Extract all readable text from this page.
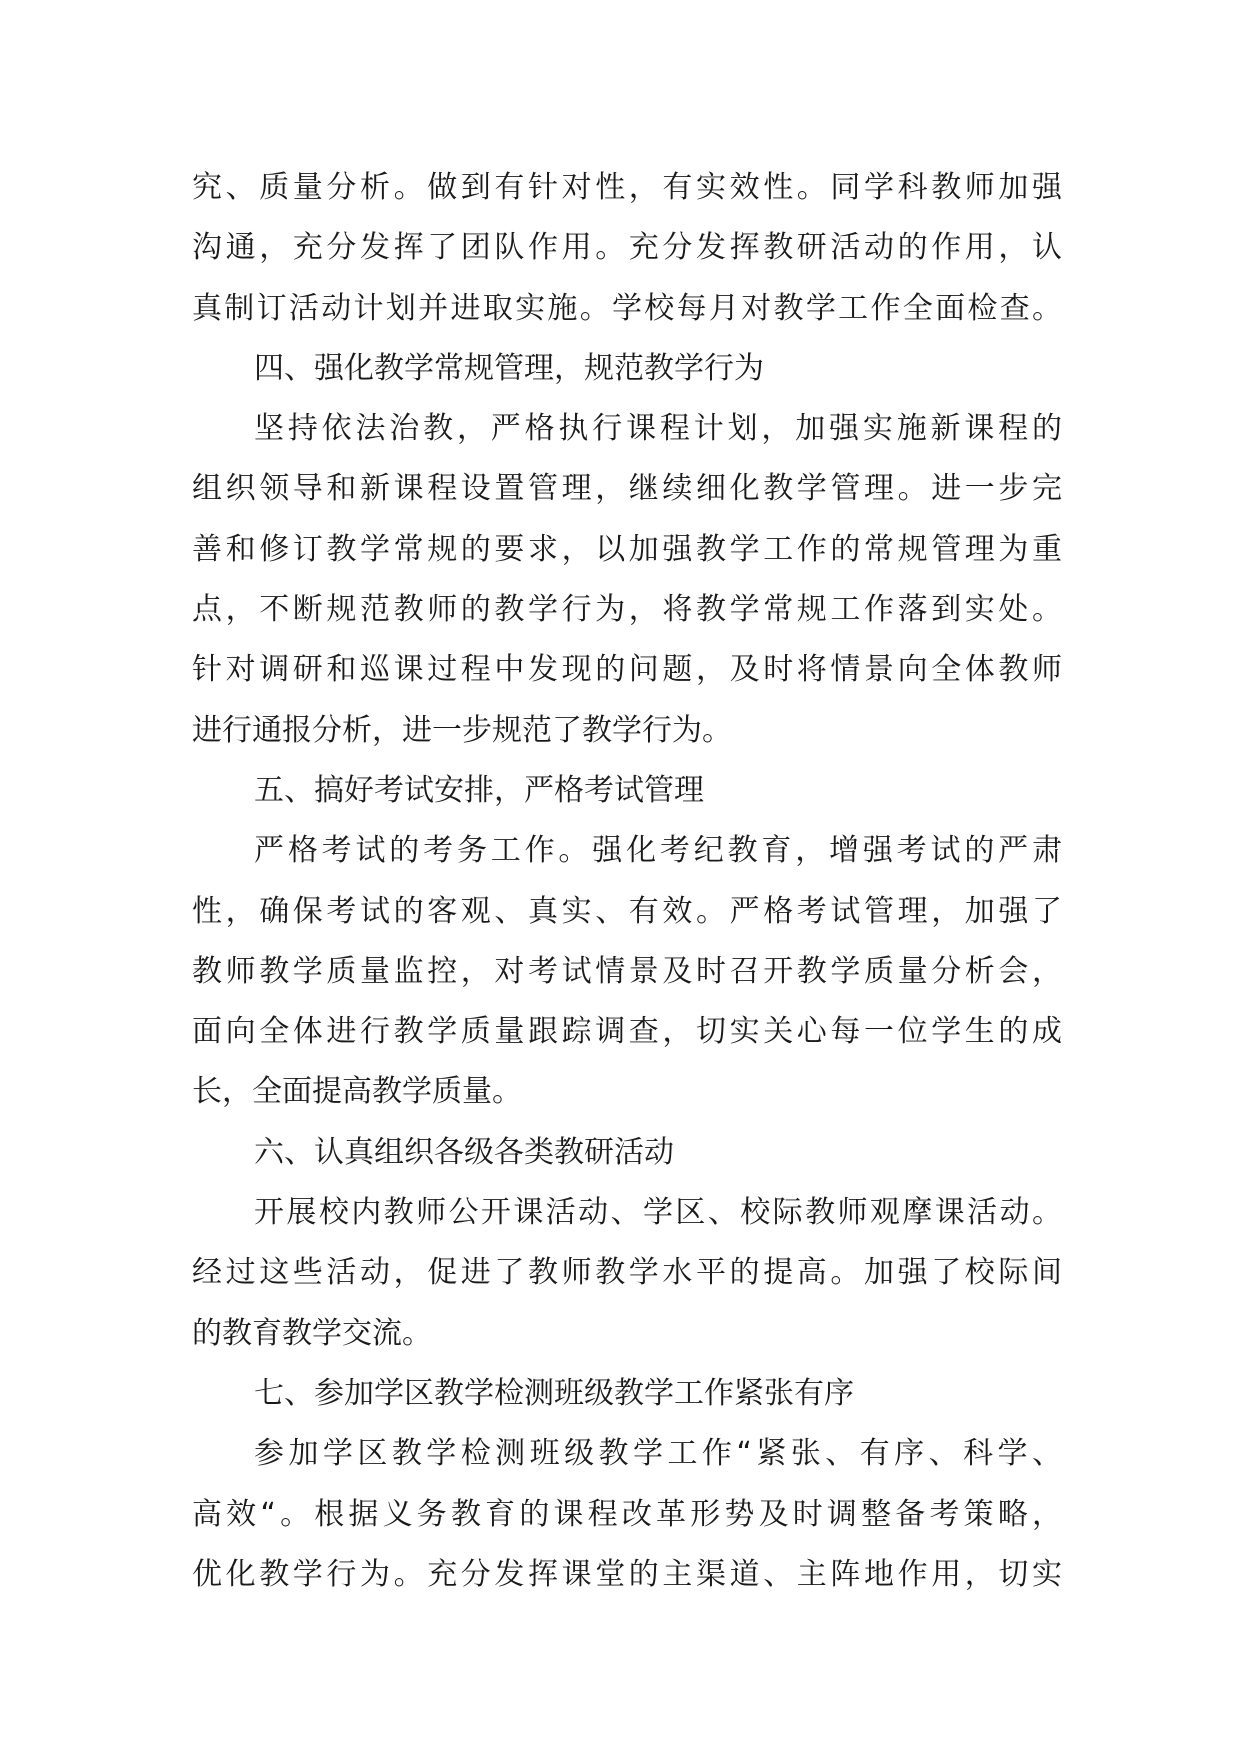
究、质量分析。做到有针对性，有实效性。同学科教师加强
沟通，充分发挥了团队作用。充分发挥教研活动的作用，认
真制订活动计划并进取实施。学校每月对教学工作全面检查。
四、强化教学常规管理，规范教学行为
坚持依法治教，严格执行课程计划，加强实施新课程的
组织领导和新课程设置管理，继续细化教学管理。进一步完
善和修订教学常规的要求，以加强教学工作的常规管理为重
点，不断规范教师的教学行为，将教学常规工作落到实处。
针对调研和巡课过程中发现的问题，及时将情景向全体教师
进行通报分析，进一步规范了教学行为。
五、搞好考试安排，严格考试管理
严格考试的考务工作。强化考纪教育，增强考试的严肃
性，确保考试的客观、真实、有效。严格考试管理，加强了
教师教学质量监控，对考试情景及时召开教学质量分析会，
面向全体进行教学质量跟踪调查，切实关心每一位学生的成
长，全面提高教学质量。
六、认真组织各级各类教研活动
开展校内教师公开课活动、学区、校际教师观摩课活动。
经过这些活动，促进了教师教学水平的提高。加强了校际间
的教育教学交流。
七、参加学区教学检测班级教学工作紧张有序
参加学区教学检测班级教学工作“紧张、有序、科学、
高效“。根据义务教育的课程改革形势及时调整备考策略，
优化教学行为。充分发挥课堂的主渠道、主阵地作用，切实
